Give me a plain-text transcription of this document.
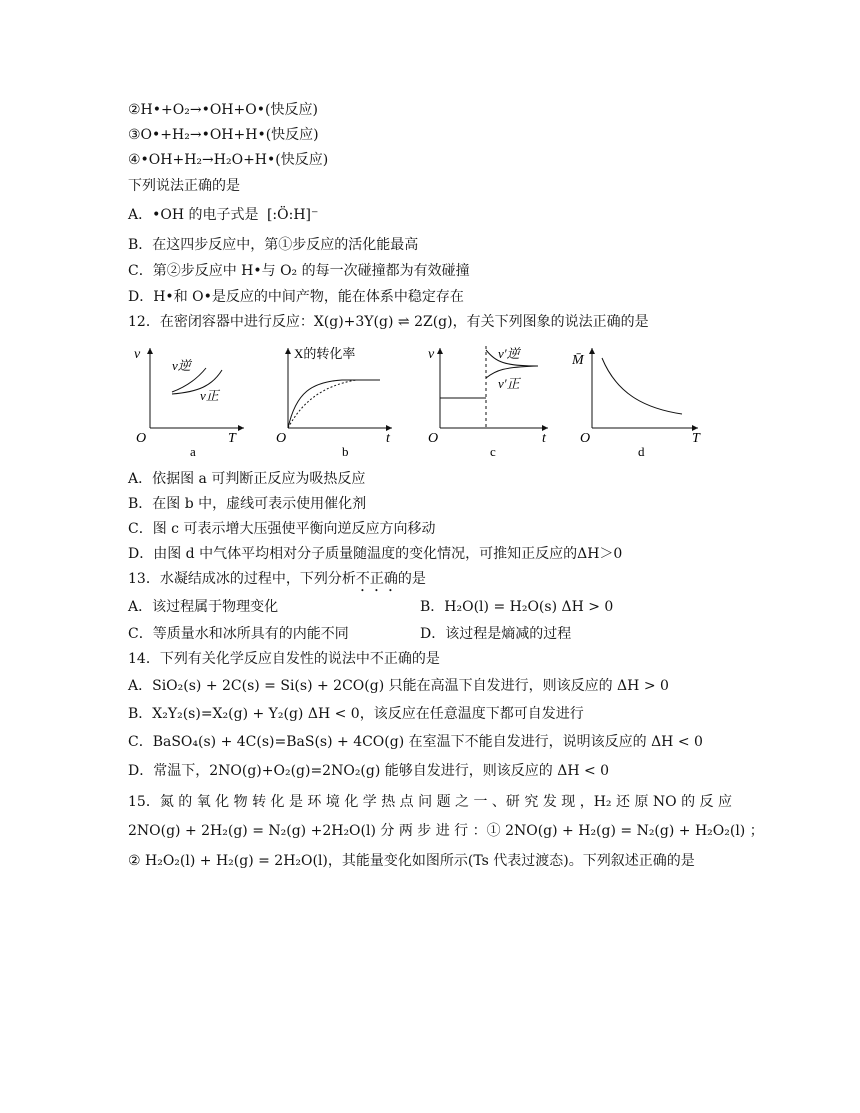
②H•+O₂→•OH+O•(快反应)
③O•+H₂→•OH+H•(快反应)
④•OH+H₂→H₂O+H•(快反应)
下列说法正确的是
A．•OH 的电子式是 [:Ö:H]⁻
B．在这四步反应中，第①步反应的活化能最高
C．第②步反应中 H•与 O₂ 的每一次碰撞都为有效碰撞
D．H•和 O•是反应的中间产物，能在体系中稳定存在
12．在密闭容器中进行反应：X(g)+3Y(g) ⇌ 2Z(g)，有关下列图象的说法正确的是
v
v逆
v正
O	T
a
X的转化率
O	t
b
v	v′逆
v′正
O	t
c
M̄
O	T
d
A．依据图 a 可判断正反应为吸热反应
B．在图 b 中，虚线可表示使用催化剂
C．图 c 可表示增大压强使平衡向逆反应方向移动
D．由图 d 中气体平均相对分子质量随温度的变化情况，可推知正反应的ΔH＞0
13．水凝结成冰的过程中，下列分析不正确的是
A．该过程属于物理变化	B．H₂O(l) = H₂O(s) ΔH > 0
C．等质量水和冰所具有的内能不同	D．该过程是熵减的过程
14．下列有关化学反应自发性的说法中不正确的是
A．SiO₂(s) + 2C(s) = Si(s) + 2CO(g) 只能在高温下自发进行，则该反应的 ΔH > 0
B．X₂Y₂(s)=X₂(g) + Y₂(g) ΔH < 0，该反应在任意温度下都可自发进行
C．BaSO₄(s) + 4C(s)=BaS(s) + 4CO(g) 在室温下不能自发进行，说明该反应的 ΔH < 0
D．常温下，2NO(g)+O₂(g)=2NO₂(g) 能够自发进行，则该反应的 ΔH < 0
15．氮 的 氧 化 物 转 化 是 环 境 化 学 热 点 问 题 之 一 、研 究 发 现 ，H₂ 还 原 NO 的 反 应
2NO(g) + 2H₂(g) = N₂(g) +2H₂O(l) 分 两 步 进 行 ：① 2NO(g) + H₂(g) = N₂(g) + H₂O₂(l) ；
② H₂O₂(l) + H₂(g) = 2H₂O(l)，其能量变化如图所示(Ts 代表过渡态)。下列叙述正确的是
